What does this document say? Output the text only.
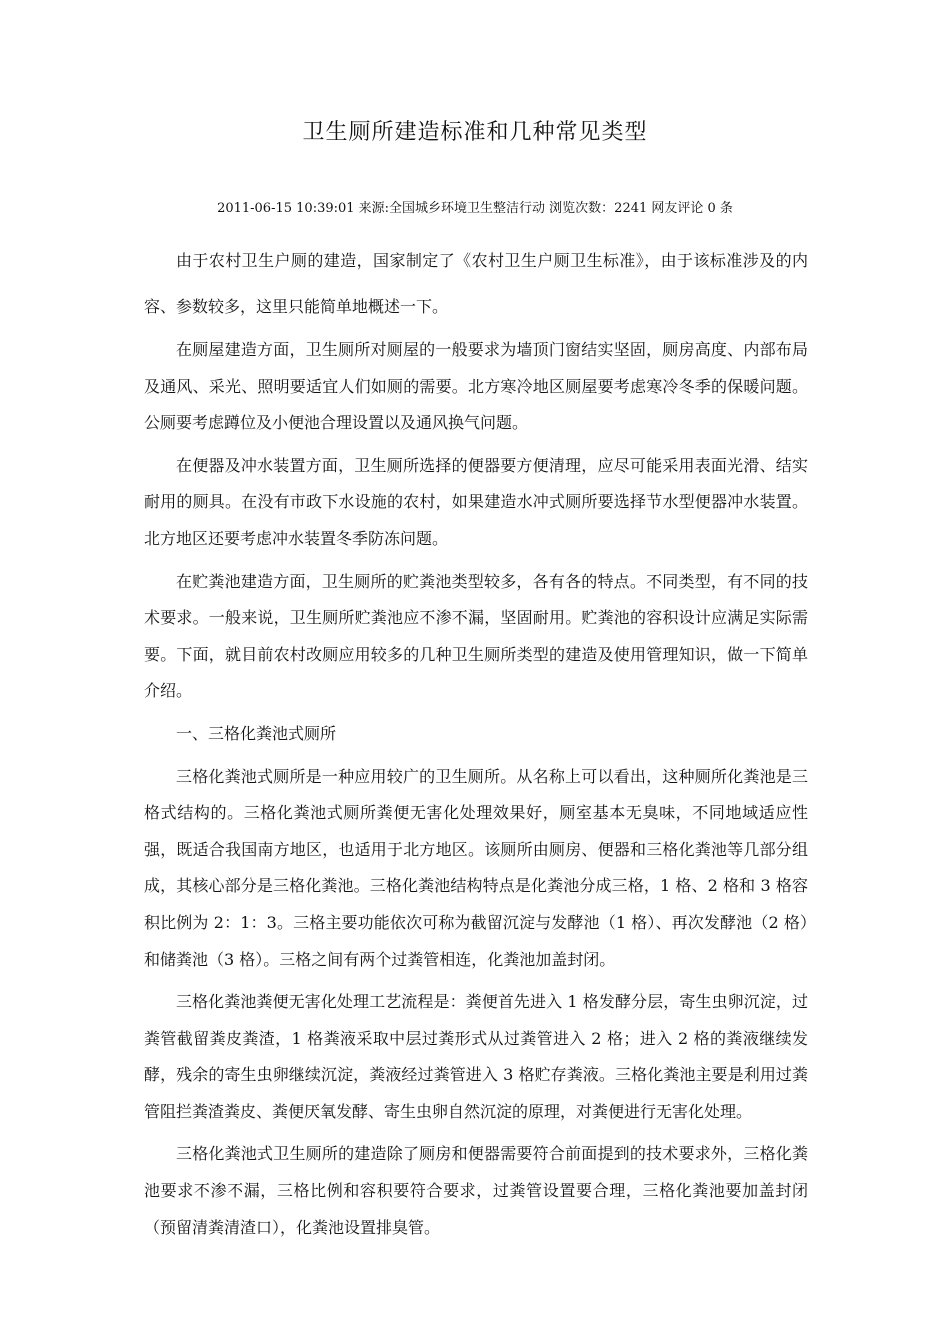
卫生厕所建造标准和几种常见类型
2011-06-15 10:39:01 来源:全国城乡环境卫生整洁行动 浏览次数：2241 网友评论 0 条

由于农村卫生户厕的建造，国家制定了《农村卫生户厕卫生标准》，由于该标准涉及的内容、参数较多，这里只能简单地概述一下。

在厕屋建造方面，卫生厕所对厕屋的一般要求为墙顶门窗结实坚固，厕房高度、内部布局及通风、采光、照明要适宜人们如厕的需要。北方寒冷地区厕屋要考虑寒冷冬季的保暖问题。公厕要考虑蹲位及小便池合理设置以及通风换气问题。

在便器及冲水装置方面，卫生厕所选择的便器要方便清理，应尽可能采用表面光滑、结实耐用的厕具。在没有市政下水设施的农村，如果建造水冲式厕所要选择节水型便器冲水装置。北方地区还要考虑冲水装置冬季防冻问题。

在贮粪池建造方面，卫生厕所的贮粪池类型较多，各有各的特点。不同类型，有不同的技术要求。一般来说，卫生厕所贮粪池应不渗不漏，坚固耐用。贮粪池的容积设计应满足实际需要。下面，就目前农村改厕应用较多的几种卫生厕所类型的建造及使用管理知识，做一下简单介绍。

一、三格化粪池式厕所

三格化粪池式厕所是一种应用较广的卫生厕所。从名称上可以看出，这种厕所化粪池是三格式结构的。三格化粪池式厕所粪便无害化处理效果好，厕室基本无臭味，不同地域适应性强，既适合我国南方地区，也适用于北方地区。该厕所由厕房、便器和三格化粪池等几部分组成，其核心部分是三格化粪池。三格化粪池结构特点是化粪池分成三格，1 格、2 格和 3 格容积比例为 2：1：3。三格主要功能依次可称为截留沉淀与发酵池（1 格）、再次发酵池（2 格）和储粪池（3 格）。三格之间有两个过粪管相连，化粪池加盖封闭。

三格化粪池粪便无害化处理工艺流程是：粪便首先进入 1 格发酵分层，寄生虫卵沉淀，过粪管截留粪皮粪渣，1 格粪液采取中层过粪形式从过粪管进入 2 格；进入 2 格的粪液继续发酵，残余的寄生虫卵继续沉淀，粪液经过粪管进入 3 格贮存粪液。三格化粪池主要是利用过粪管阻拦粪渣粪皮、粪便厌氧发酵、寄生虫卵自然沉淀的原理，对粪便进行无害化处理。

三格化粪池式卫生厕所的建造除了厕房和便器需要符合前面提到的技术要求外，三格化粪池要求不渗不漏，三格比例和容积要符合要求，过粪管设置要合理，三格化粪池要加盖封闭（预留清粪清渣口），化粪池设置排臭管。
